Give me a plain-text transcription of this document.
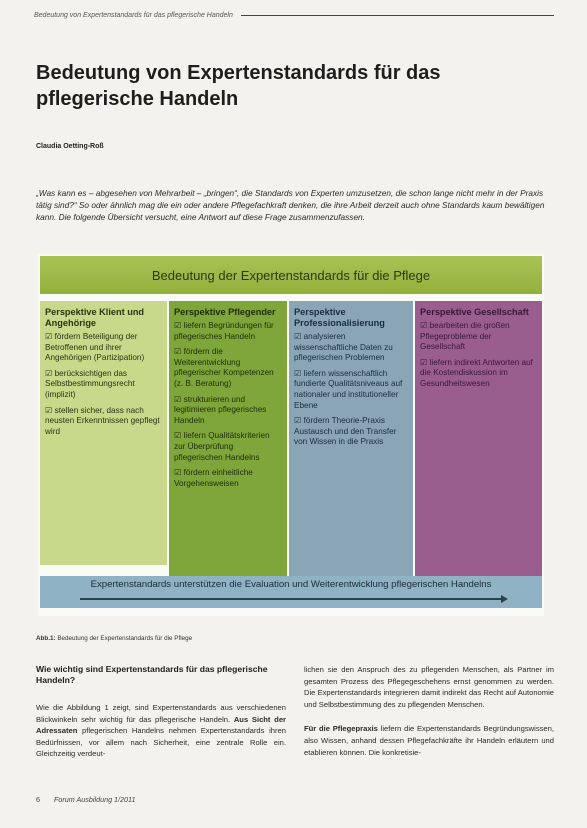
Bedeutung von Expertenstandards für das pflegerische Handeln
Bedeutung von Expertenstandards für das pflegerische Handeln
Claudia Oetting-Roß

„Was kann es – abgesehen von Mehrarbeit – „bringen“, die Standards von Experten umzusetzen, die schon lange nicht mehr in der Praxis tätig sind?“ So oder ähnlich mag die ein oder andere Pflegefachkraft denken, die ihre Arbeit derzeit auch ohne Standards kaum bewältigen kann. Die folgende Übersicht versucht, eine Antwort auf diese Frage zusammenzufassen.

Bedeutung der Expertenstandards für die Pflege
Perspektive Klient und Angehörige

☑ fördern Beteiligung der Betroffenen und ihrer Angehörigen (Partizipation)

☑ berücksichtigen das Selbstbestimmungsrecht (implizit)

☑ stellen sicher, dass nach neusten Erkenntnissen gepflegt wird

Perspektive Pflegender

☑ liefern Begründungen für pflegerisches Handeln

☑ fördern die Weiterentwicklung pflegerischer Kompetenzen (z. B. Beratung)

☑ strukturieren und legitimieren pflegerisches Handeln

☑ liefern Qualitätskriterien zur Überprüfung pflegerischen Handelns

☑ fördern einheitliche Vorgehensweisen

Perspektive Professionalisierung

☑ analysieren wissenschaftliche Daten zu pflegerischen Problemen

☑ liefern wissenschaftlich fundierte Qualitätsniveaus auf nationaler und institutioneller Ebene

☑ fördern Theorie-Praxis Austausch und den Transfer von Wissen in die Praxis

Perspektive Gesellschaft

☑ bearbeiten die großen Pflegeprobleme der Gesellschaft

☑ liefern indirekt Antworten auf die Kostendiskussion im Gesundheitswesen

Expertenstandards unterstützen die Evaluation und Weiterentwicklung pflegerischen Handelns
Abb.1: Bedeutung der Expertenstandards für die Pflege
Wie wichtig sind Expertenstandards für das pflegerische Handeln?

Wie die Abbildung 1 zeigt, sind Expertenstandards aus verschiedenen Blickwinkeln sehr wichtig für das pflegerische Handeln. Aus Sicht der Adressaten pflegerischen Handelns nehmen Expertenstandards ihren Bedürfnissen, vor allem nach Sicherheit, eine zentrale Rolle ein. Gleichzeitig verdeut-

lichen sie den Anspruch des zu pflegenden Menschen, als Partner im gesamten Prozess des Pflegegeschehens ernst genommen zu werden. Die Expertenstandards integrieren damit indirekt das Recht auf Autonomie und Selbstbestimmung des zu pflegenden Menschen.

Für die Pflegepraxis liefern die Expertenstandards Begründungswissen, also Wissen, anhand dessen Pflegefachkräfte ihr Handeln erläutern und etablieren können. Die konkretisie-

6 Forum Ausbildung 1/2011
